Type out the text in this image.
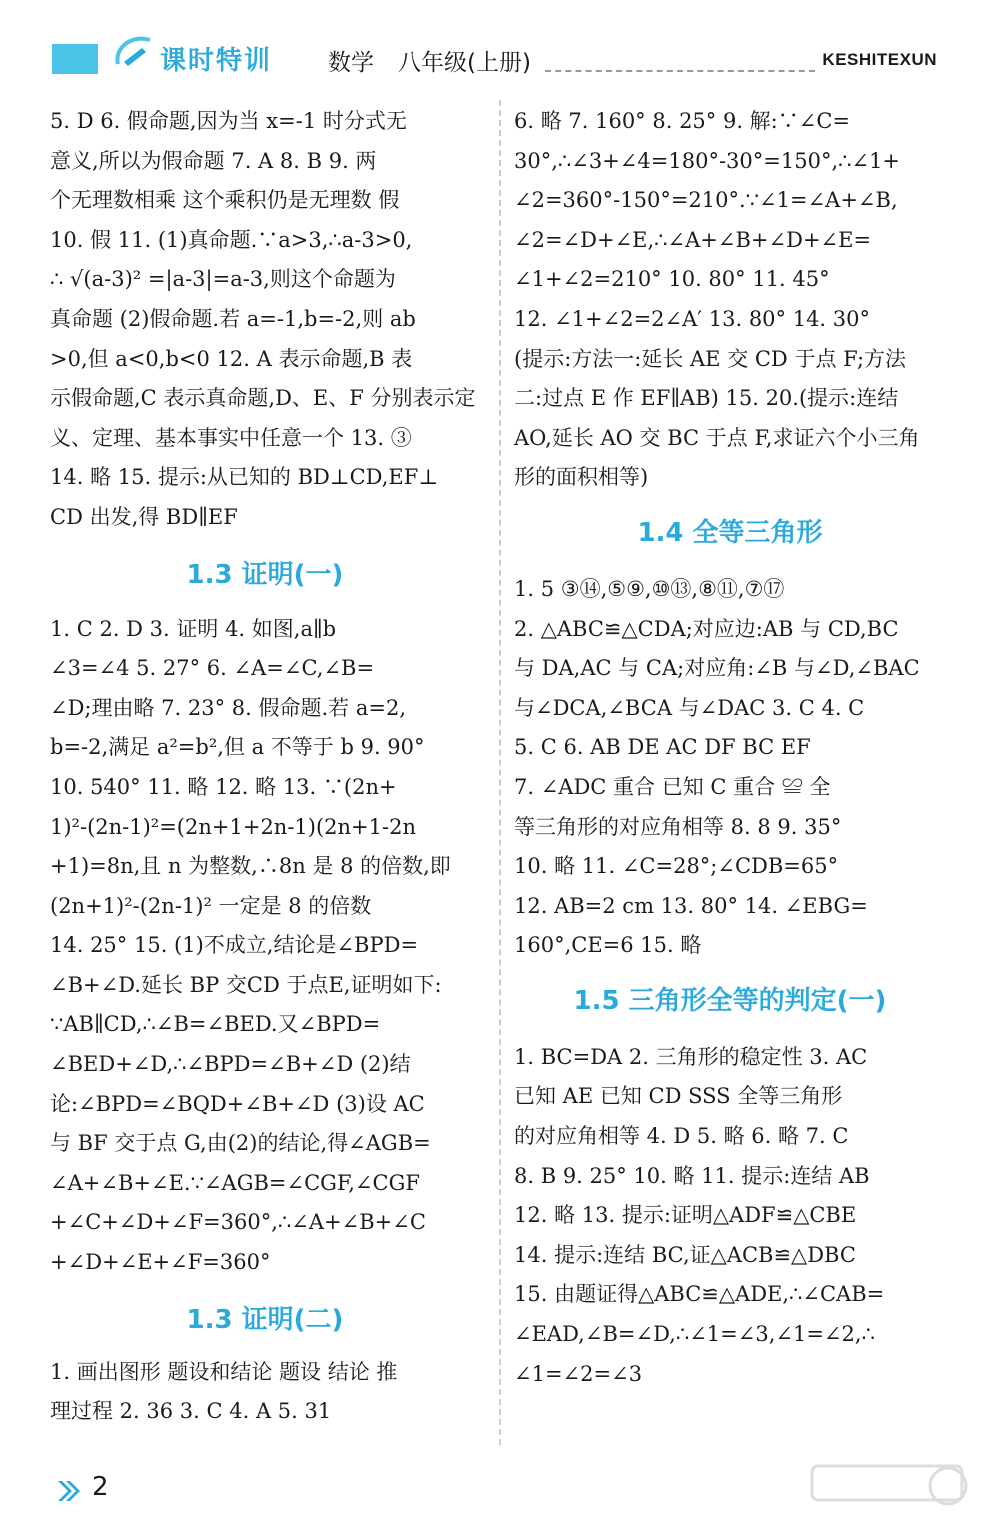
课时特训 数学 八年级(上册)	KESHITEXUN

5. D 6. 假命题,因为当 x=-1 时分式无

意义,所以为假命题 7. A 8. B 9. 两

个无理数相乘 这个乘积仍是无理数 假

10. 假 11. (1)真命题.∵a>3,∴a-3>0,

∴ √(a-3)² =|a-3|=a-3,则这个命题为

真命题 (2)假命题.若 a=-1,b=-2,则 ab

>0,但 a<0,b<0 12. A 表示命题,B 表

示假命题,C 表示真命题,D、E、F 分别表示定

义、定理、基本事实中任意一个 13. ③

14. 略 15. 提示:从已知的 BD⊥CD,EF⊥

CD 出发,得 BD∥EF

1.3 证明(一)

1. C 2. D 3. 证明 4. 如图,a∥b

∠3=∠4 5. 27° 6. ∠A=∠C,∠B=

∠D;理由略 7. 23° 8. 假命题.若 a=2,

b=-2,满足 a²=b²,但 a 不等于 b 9. 90°

10. 540° 11. 略 12. 略 13. ∵(2n+

1)²-(2n-1)²=(2n+1+2n-1)(2n+1-2n

+1)=8n,且 n 为整数,∴8n 是 8 的倍数,即

(2n+1)²-(2n-1)² 一定是 8 的倍数

14. 25° 15. (1)不成立,结论是∠BPD=

∠B+∠D.延长 BP 交CD 于点E,证明如下:

∵AB∥CD,∴∠B=∠BED.又∠BPD=

∠BED+∠D,∴∠BPD=∠B+∠D (2)结

论:∠BPD=∠BQD+∠B+∠D (3)设 AC

与 BF 交于点 G,由(2)的结论,得∠AGB=

∠A+∠B+∠E.∵∠AGB=∠CGF,∠CGF

+∠C+∠D+∠F=360°,∴∠A+∠B+∠C

+∠D+∠E+∠F=360°

1.3 证明(二)

1. 画出图形 题设和结论 题设 结论 推

理过程 2. 36 3. C 4. A 5. 31

6. 略 7. 160° 8. 25° 9. 解:∵∠C=

30°,∴∠3+∠4=180°-30°=150°,∴∠1+

∠2=360°-150°=210°.∵∠1=∠A+∠B,

∠2=∠D+∠E,∴∠A+∠B+∠D+∠E=

∠1+∠2=210° 10. 80° 11. 45°

12. ∠1+∠2=2∠A′ 13. 80° 14. 30°

(提示:方法一:延长 AE 交 CD 于点 F;方法

二:过点 E 作 EF∥AB) 15. 20.(提示:连结

AO,延长 AO 交 BC 于点 F,求证六个小三角

形的面积相等)

1.4 全等三角形

1. 5 ③⑭,⑤⑨,⑩⑬,⑧⑪,⑦⑰

2. △ABC≌△CDA;对应边:AB 与 CD,BC

与 DA,AC 与 CA;对应角:∠B 与∠D,∠BAC

与∠DCA,∠BCA 与∠DAC 3. C 4. C

5. C 6. AB DE AC DF BC EF

7. ∠ADC 重合 已知 C 重合 ≌ 全

等三角形的对应角相等 8. 8 9. 35°

10. 略 11. ∠C=28°;∠CDB=65°

12. AB=2 cm 13. 80° 14. ∠EBG=

160°,CE=6 15. 略

1.5 三角形全等的判定(一)

1. BC=DA 2. 三角形的稳定性 3. AC

已知 AE 已知 CD SSS 全等三角形

的对应角相等 4. D 5. 略 6. 略 7. C

8. B 9. 25° 10. 略 11. 提示:连结 AB

12. 略 13. 提示:证明△ADF≌△CBE

14. 提示:连结 BC,证△ACB≌△DBC

15. 由题证得△ABC≌△ADE,∴∠CAB=

∠EAD,∠B=∠D,∴∠1=∠3,∠1=∠2,∴

∠1=∠2=∠3

2
